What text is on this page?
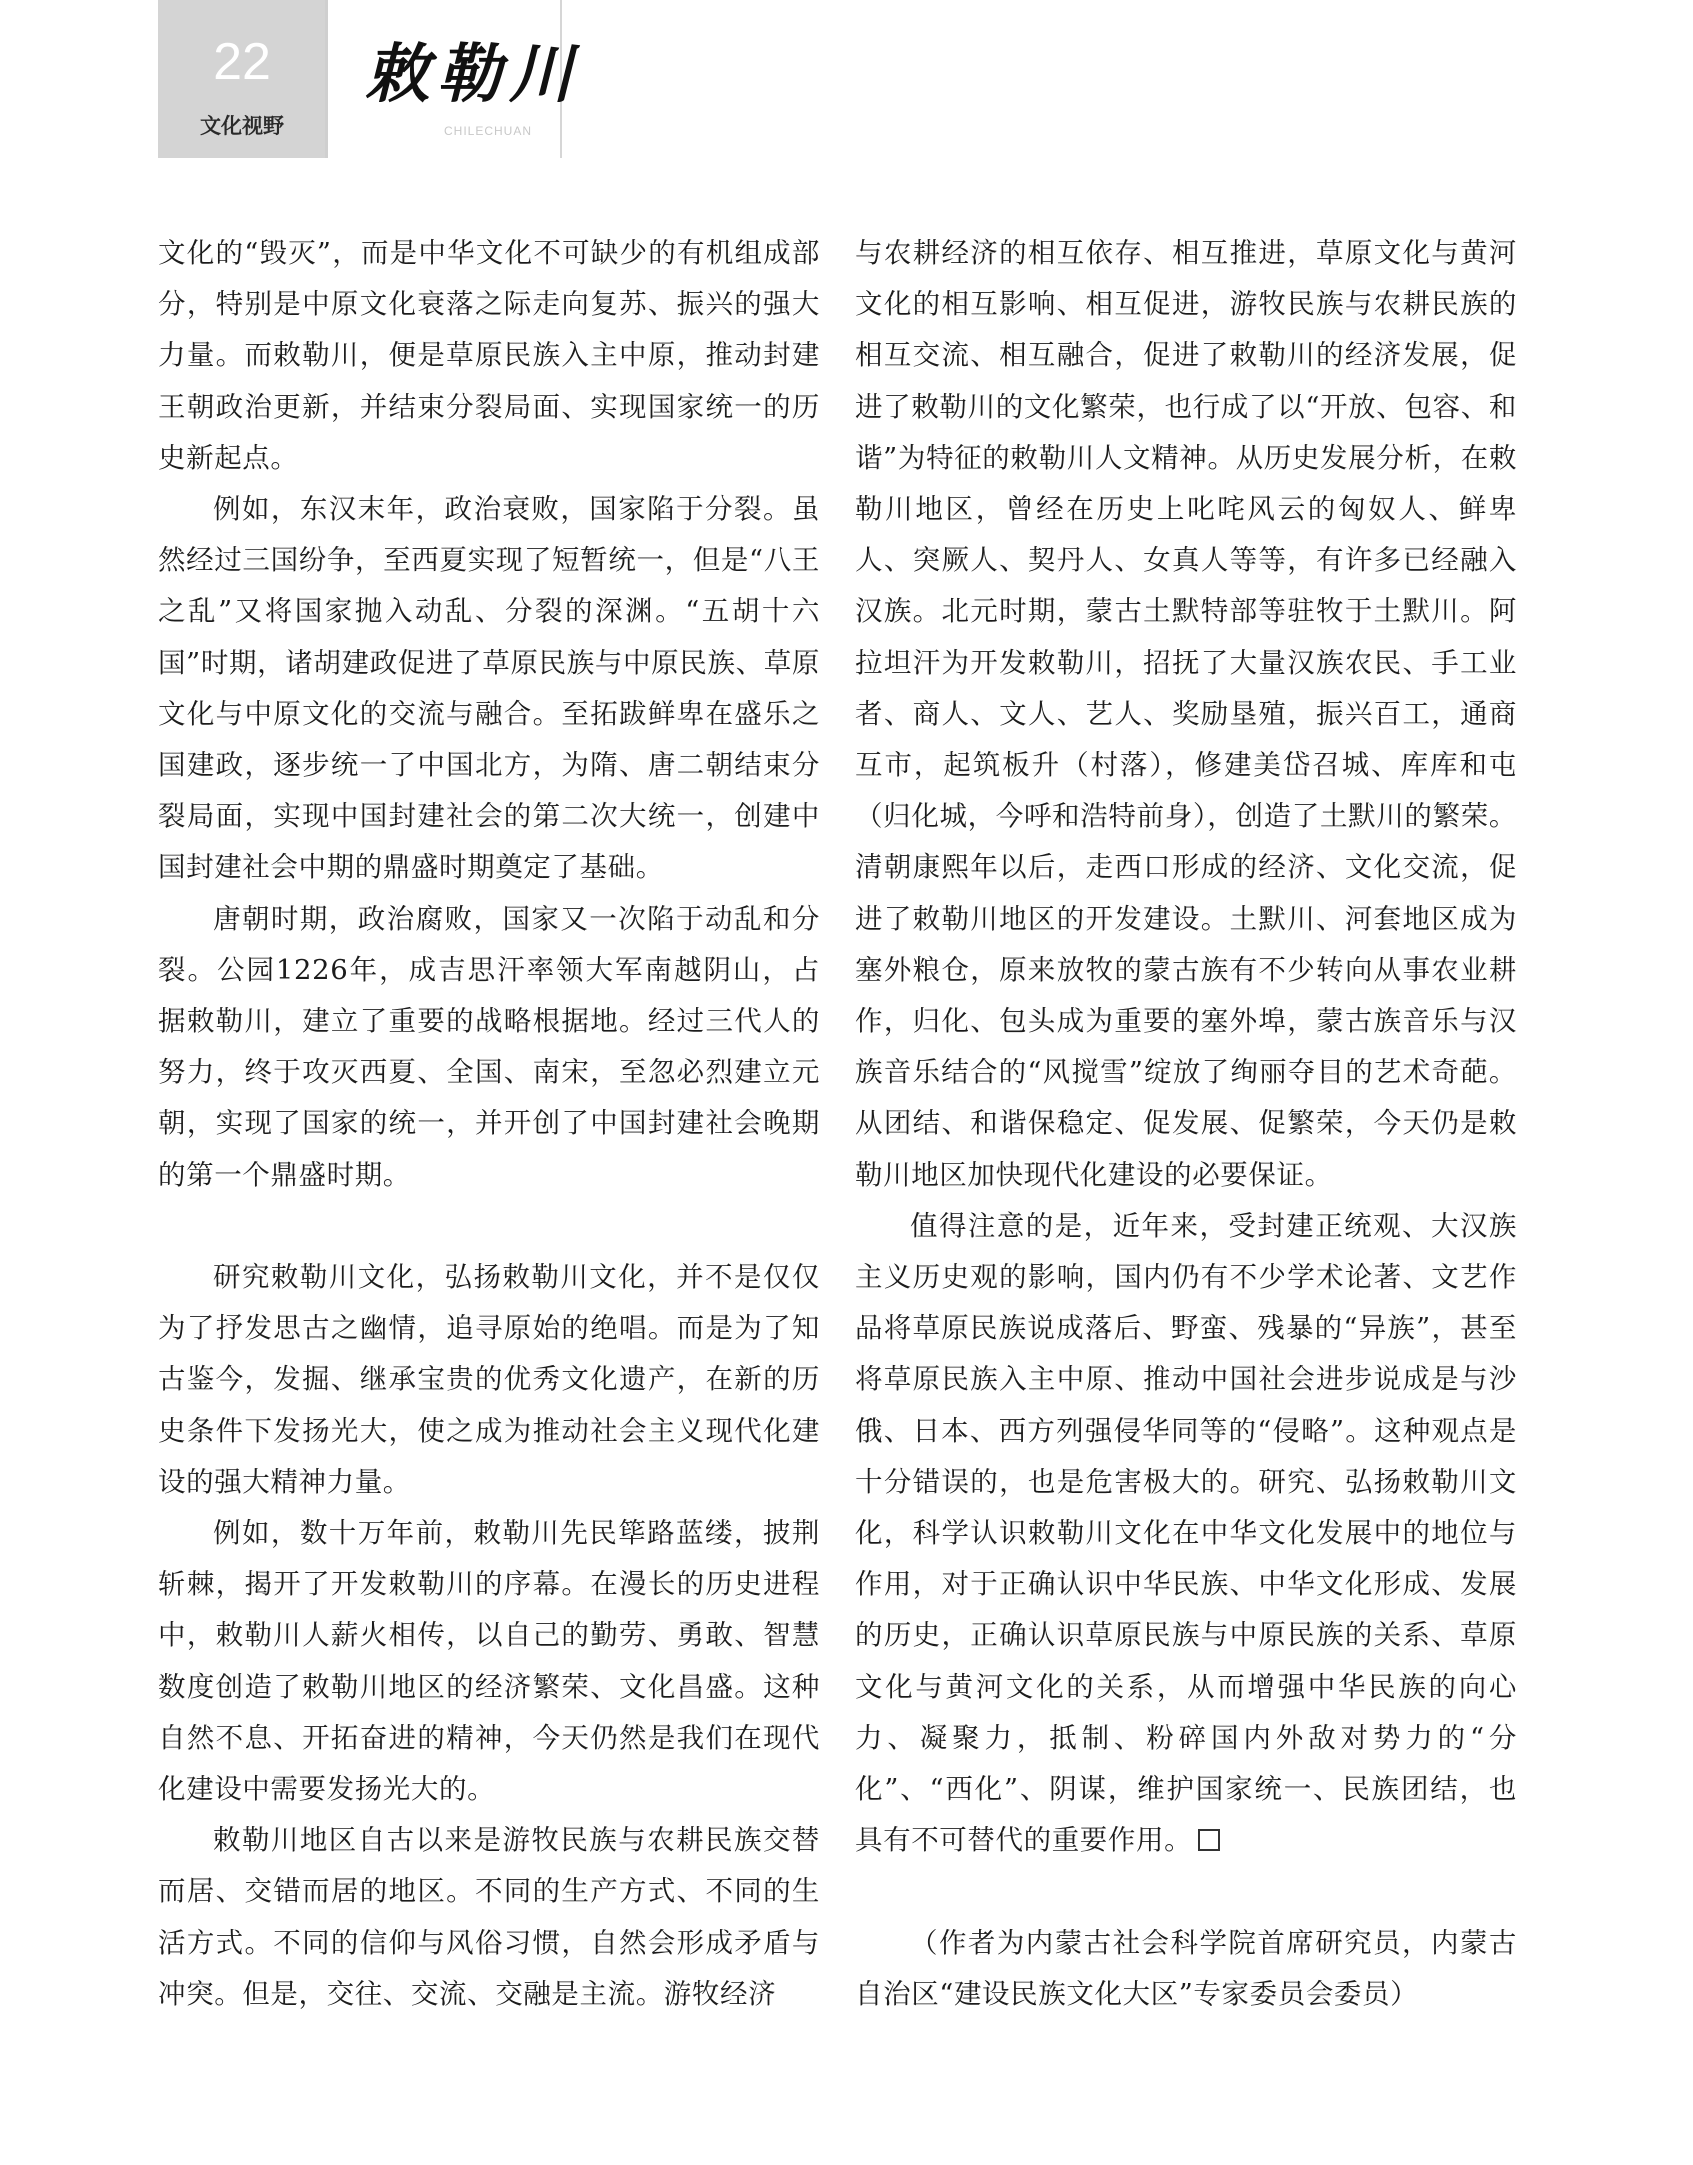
22
文化视野
敕勒川
CHILECHUAN

文化的“毁灭”，而是中华文化不可缺少的有机组成部分，特别是中原文化衰落之际走向复苏、振兴的强大力量。而敕勒川，便是草原民族入主中原，推动封建王朝政治更新，并结束分裂局面、实现国家统一的历史新起点。

例如，东汉末年，政治衰败，国家陷于分裂。虽然经过三国纷争，至西夏实现了短暂统一，但是“八王之乱”又将国家抛入动乱、分裂的深渊。“五胡十六国”时期，诸胡建政促进了草原民族与中原民族、草原文化与中原文化的交流与融合。至拓跋鲜卑在盛乐之国建政，逐步统一了中国北方，为隋、唐二朝结束分裂局面，实现中国封建社会的第二次大统一，创建中国封建社会中期的鼎盛时期奠定了基础。

唐朝时期，政治腐败，国家又一次陷于动乱和分裂。公园1226年，成吉思汗率领大军南越阴山，占据敕勒川，建立了重要的战略根据地。经过三代人的努力，终于攻灭西夏、全国、南宋，至忽必烈建立元朝，实现了国家的统一，并开创了中国封建社会晚期的第一个鼎盛时期。

研究敕勒川文化，弘扬敕勒川文化，并不是仅仅为了抒发思古之幽情，追寻原始的绝唱。而是为了知古鉴今，发掘、继承宝贵的优秀文化遗产，在新的历史条件下发扬光大，使之成为推动社会主义现代化建设的强大精神力量。

例如，数十万年前，敕勒川先民筚路蓝缕，披荆斩棘，揭开了开发敕勒川的序幕。在漫长的历史进程中，敕勒川人薪火相传，以自己的勤劳、勇敢、智慧数度创造了敕勒川地区的经济繁荣、文化昌盛。这种自然不息、开拓奋进的精神，今天仍然是我们在现代化建设中需要发扬光大的。

敕勒川地区自古以来是游牧民族与农耕民族交替而居、交错而居的地区。不同的生产方式、不同的生活方式。不同的信仰与风俗习惯，自然会形成矛盾与冲突。但是，交往、交流、交融是主流。游牧经济

与农耕经济的相互依存、相互推进，草原文化与黄河文化的相互影响、相互促进，游牧民族与农耕民族的相互交流、相互融合，促进了敕勒川的经济发展，促进了敕勒川的文化繁荣，也行成了以“开放、包容、和谐”为特征的敕勒川人文精神。从历史发展分析，在敕勒川地区，曾经在历史上叱咤风云的匈奴人、鲜卑人、突厥人、契丹人、女真人等等，有许多已经融入汉族。北元时期，蒙古土默特部等驻牧于土默川。阿拉坦汗为开发敕勒川，招抚了大量汉族农民、手工业者、商人、文人、艺人、奖励垦殖，振兴百工，通商互市，起筑板升（村落），修建美岱召城、库库和屯（归化城，今呼和浩特前身），创造了土默川的繁荣。清朝康熙年以后，走西口形成的经济、文化交流，促进了敕勒川地区的开发建设。土默川、河套地区成为塞外粮仓，原来放牧的蒙古族有不少转向从事农业耕作，归化、包头成为重要的塞外埠，蒙古族音乐与汉族音乐结合的“风搅雪”绽放了绚丽夺目的艺术奇葩。从团结、和谐保稳定、促发展、促繁荣，今天仍是敕勒川地区加快现代化建设的必要保证。

值得注意的是，近年来，受封建正统观、大汉族主义历史观的影响，国内仍有不少学术论著、文艺作品将草原民族说成落后、野蛮、残暴的“异族”，甚至将草原民族入主中原、推动中国社会进步说成是与沙俄、日本、西方列强侵华同等的“侵略”。这种观点是十分错误的，也是危害极大的。研究、弘扬敕勒川文化，科学认识敕勒川文化在中华文化发展中的地位与作用，对于正确认识中华民族、中华文化形成、发展的历史，正确认识草原民族与中原民族的关系、草原文化与黄河文化的关系，从而增强中华民族的向心力、凝聚力，抵制、粉碎国内外敌对势力的“分化”、“西化”、阴谋，维护国家统一、民族团结，也具有不可替代的重要作用。

（作者为内蒙古社会科学院首席研究员，内蒙古自治区“建设民族文化大区”专家委员会委员）
